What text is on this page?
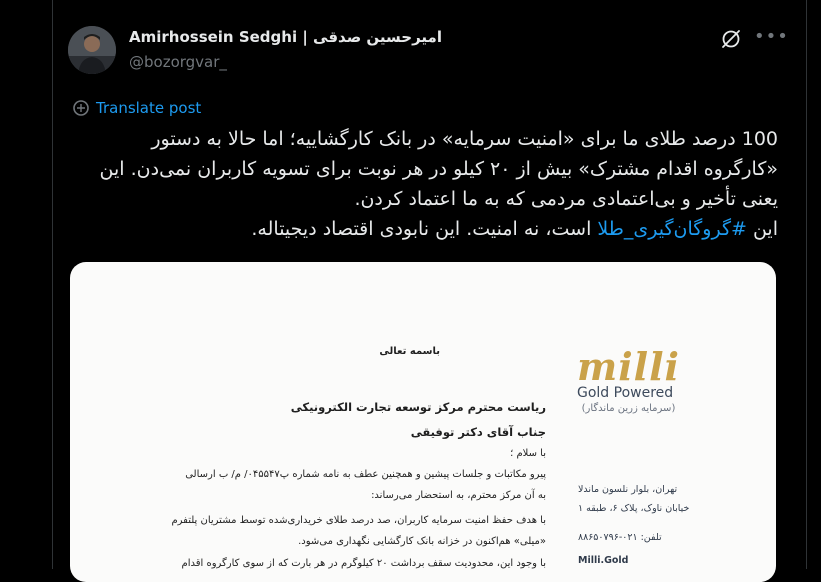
Amirhossein Sedghi | امیرحسین صدقی
@bozorgvar_
•••
Translate post

100 درصد طلای ما برای «امنیت سرمایه» در بانک کارگشاییه؛ اما حالا به دستور

«کارگروه اقدام مشترک» بیش از ۲۰ کیلو در هر نوبت برای تسویه کاربران نمی‌دن. این

یعنی تأخیر و بی‌اعتمادی مردمی که به ما اعتماد کردن.

این #گروگان‌گیری_طلا است، نه امنیت. این نابودی اقتصاد دیجیتاله.

باسمه تعالی	milli
Gold Powered
(سرمایه زرین ماندگار)
ریاست محترم مرکز توسعه تجارت الکترونیکی
جناب آقای دکتر توفیقی
با سلام ؛
پیرو مکاتبات و جلسات پیشین و همچنین عطف به نامه شماره پ۰۴۵۵۴۷/ م/ ب ارسالی
به آن مرکز محترم، به استحضار می‌رساند:
با هدف حفظ امنیت سرمایه کاربران، صد درصد طلای خریداری‌شده توسط مشتریان پلتفرم
«میلی» هم‌اکنون در خزانه بانک کارگشایی نگهداری می‌شود.
با وجود این، محدودیت سقف برداشت ۲۰ کیلوگرم در هر بارت که از سوی کارگروه اقدام
تهران، بلوار نلسون ماندلا
خیابان ناوک، پلاک ۶، طبقه ۱
تلفن: ۰۲۱-۸۸۶۵۰۷۹۶
Milli.Gold
